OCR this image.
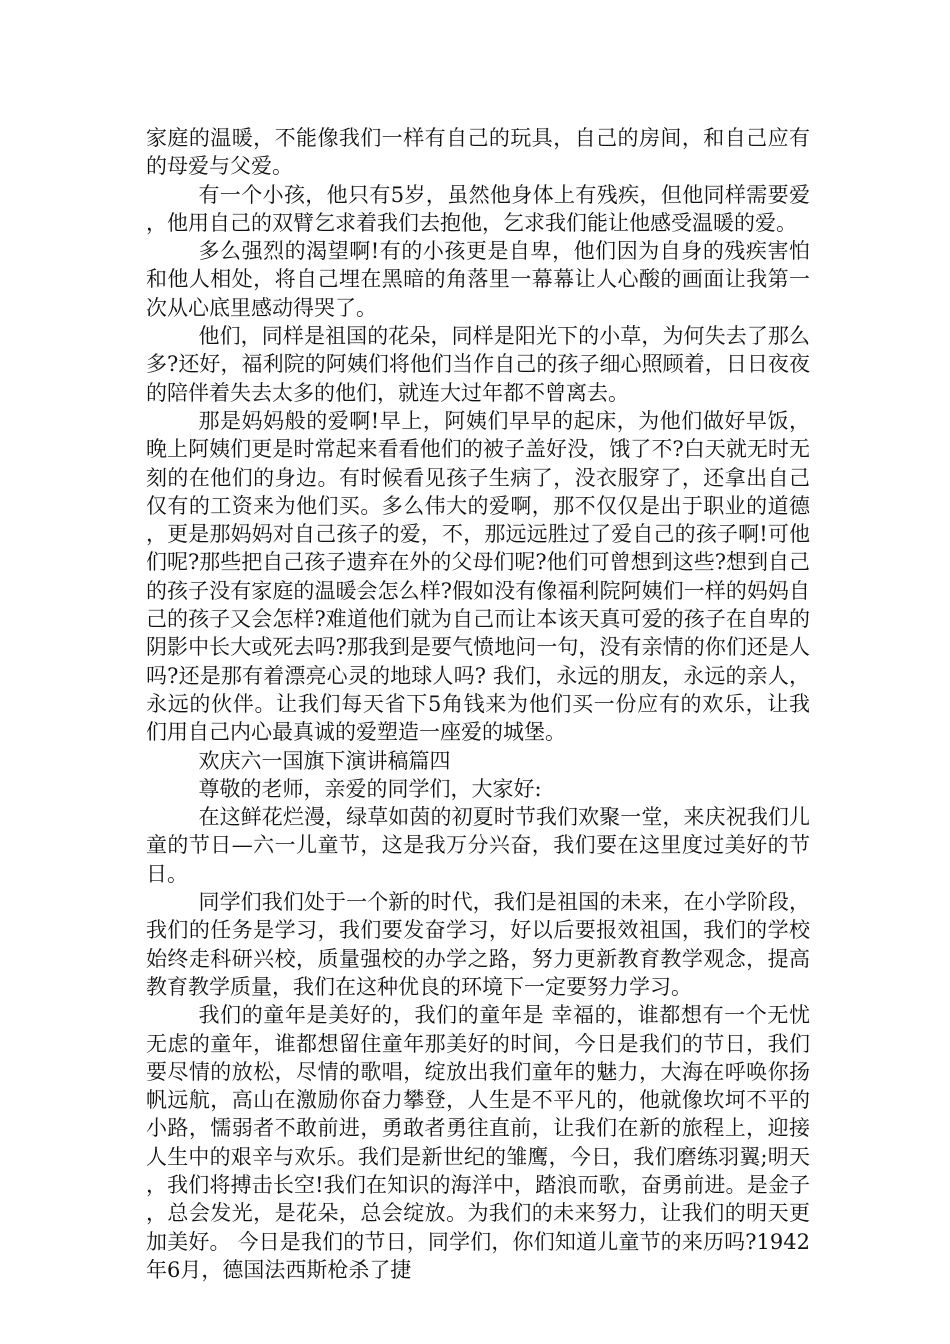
家庭的温暖，不能像我们一样有自己的玩具，自己的房间，和自己应有的母爱与父爱。

有一个小孩，他只有5岁，虽然他身体上有残疾，但他同样需要爱，他用自己的双臂乞求着我们去抱他，乞求我们能让他感受温暖的爱。

多么强烈的渴望啊!有的小孩更是自卑，他们因为自身的残疾害怕和他人相处，将自己埋在黑暗的角落里一幕幕让人心酸的画面让我第一次从心底里感动得哭了。

他们，同样是祖国的花朵，同样是阳光下的小草，为何失去了那么多?还好，福利院的阿姨们将他们当作自己的孩子细心照顾着，日日夜夜的陪伴着失去太多的他们，就连大过年都不曾离去。

那是妈妈般的爱啊!早上，阿姨们早早的起床，为他们做好早饭，晚上阿姨们更是时常起来看看他们的被子盖好没，饿了不?白天就无时无刻的在他们的身边。有时候看见孩子生病了，没衣服穿了，还拿出自己仅有的工资来为他们买。多么伟大的爱啊，那不仅仅是出于职业的道德，更是那妈妈对自己孩子的爱，不，那远远胜过了爱自己的孩子啊!可他们呢?那些把自己孩子遗弃在外的父母们呢?他们可曾想到这些?想到自己的孩子没有家庭的温暖会怎么样?假如没有像福利院阿姨们一样的妈妈自己的孩子又会怎样?难道他们就为自己而让本该天真可爱的孩子在自卑的阴影中长大或死去吗?那我到是要气愤地问一句，没有亲情的你们还是人吗?还是那有着漂亮心灵的地球人吗? 我们，永远的朋友，永远的亲人，永远的伙伴。让我们每天省下5角钱来为他们买一份应有的欢乐，让我们用自己内心最真诚的爱塑造一座爱的城堡。

欢庆六一国旗下演讲稿篇四

尊敬的老师，亲爱的同学们，大家好:

在这鲜花烂漫，绿草如茵的初夏时节我们欢聚一堂，来庆祝我们儿童的节日—六一儿童节，这是我万分兴奋，我们要在这里度过美好的节日。

同学们我们处于一个新的时代，我们是祖国的未来，在小学阶段，我们的任务是学习，我们要发奋学习，好以后要报效祖国，我们的学校始终走科研兴校，质量强校的办学之路，努力更新教育教学观念，提高教育教学质量，我们在这种优良的环境下一定要努力学习。

我们的童年是美好的，我们的童年是 幸福的，谁都想有一个无忧无虑的童年，谁都想留住童年那美好的时间，今日是我们的节日，我们要尽情的放松，尽情的歌唱，绽放出我们童年的魅力，大海在呼唤你扬帆远航，高山在激励你奋力攀登，人生是不平凡的，他就像坎坷不平的小路，懦弱者不敢前进，勇敢者勇往直前，让我们在新的旅程上，迎接人生中的艰辛与欢乐。我们是新世纪的雏鹰，今日，我们磨练羽翼;明天，我们将搏击长空!我们在知识的海洋中，踏浪而歌，奋勇前进。是金子，总会发光，是花朵，总会绽放。为我们的未来努力，让我们的明天更加美好。 今日是我们的节日，同学们，你们知道儿童节的来历吗?1942年6月，德国法西斯枪杀了捷
